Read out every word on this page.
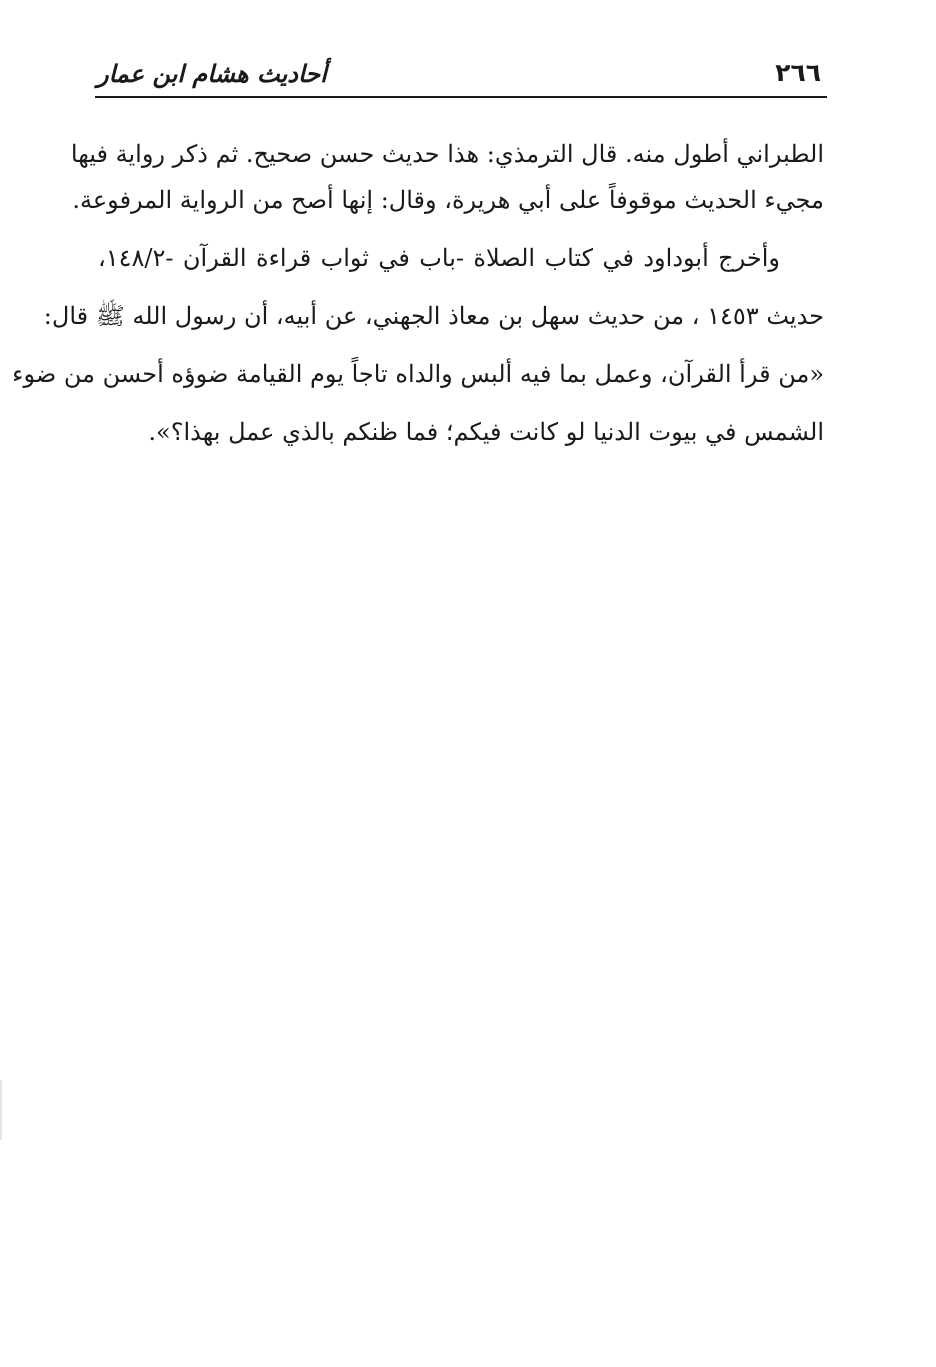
٢٦٦
أحاديث هشام ابن عمار
الطبراني أطول منه. قال الترمذي: هذا حديث حسن صحيح. ثم ذكر رواية فيها
مجيء الحديث موقوفاً على أبي هريرة، وقال: إنها أصح من الرواية المرفوعة.
وأخرج أبوداود في كتاب الصلاة -باب في ثواب قراءة القرآن -١٤٨/٢،
حديث ١٤٥٣ ، من حديث سهل بن معاذ الجهني، عن أبيه، أن رسول الله ﷺ قال:
«من قرأ القرآن، وعمل بما فيه ألبس والداه تاجاً يوم القيامة ضوؤه أحسن من ضوء
الشمس في بيوت الدنيا لو كانت فيكم؛ فما ظنكم بالذي عمل بهذا؟».
